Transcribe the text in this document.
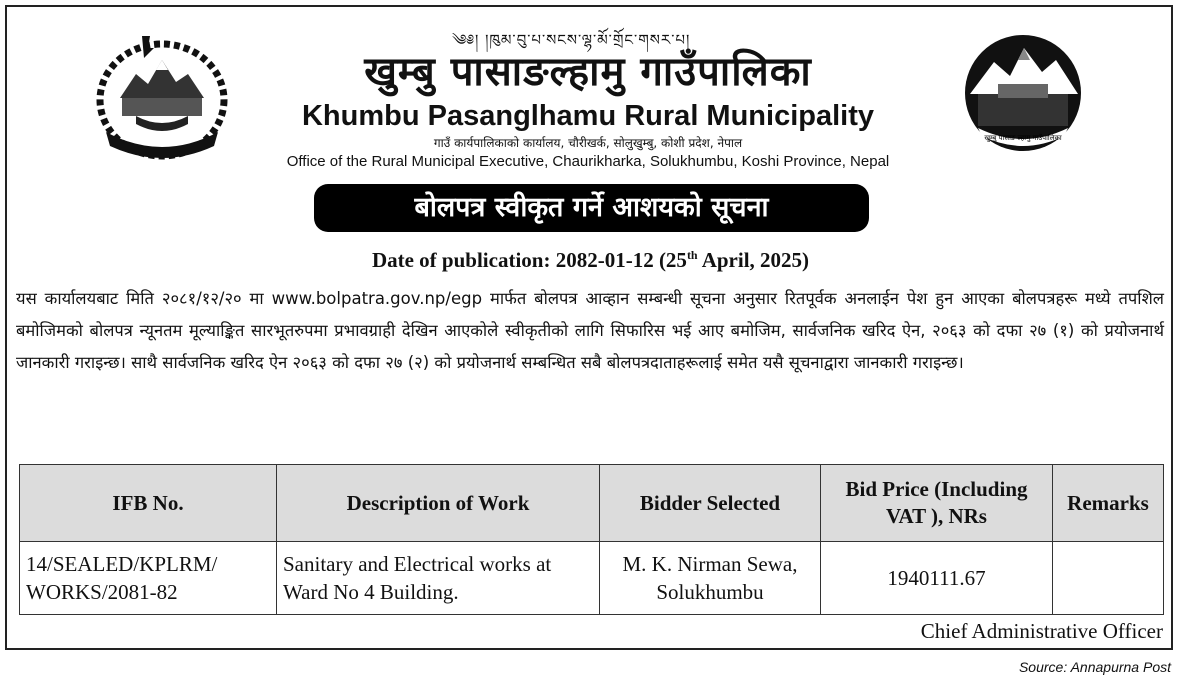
༄༅། །ཁུམ་བུ་པ་སངས་ལྷ་མོ་གྲོང་གསར་པ།
खुम्बु पासाङल्हामु गाउँपालिका
Khumbu Pasanglhamu Rural Municipality
गाउँ कार्यपालिकाको कार्यालय, चौरीखर्क, सोलुखुम्बु, कोशी प्रदेश, नेपाल
Office of the Rural Municipal Executive, Chaurikharka, Solukhumbu, Koshi Province, Nepal
खुम्बु पासाङ ल्हामु गाउँपालिका
बोलपत्र स्वीकृत गर्ने आशयको सूचना
Date of publication: 2082-01-12 (25th April, 2025)
यस कार्यालयबाट मिति २०८१/१२/२० मा www.bolpatra.gov.np/egp मार्फत बोलपत्र आव्हान सम्बन्धी सूचना अनुसार रितपूर्वक अनलाईन पेश हुन आएका बोलपत्रहरू मध्ये तपशिल बमोजिमको बोलपत्र न्यूनतम मूल्याङ्कित सारभूतरुपमा प्रभावग्राही देखिन आएकोले स्वीकृतीको लागि सिफारिस भई आए बमोजिम, सार्वजनिक खरिद ऐन, २०६३ को दफा २७ (१) को प्रयोजनार्थ जानकारी गराइन्छ। साथै सार्वजनिक खरिद ऐन २०६३ को दफा २७ (२) को प्रयोजनार्थ सम्बन्धित सबै बोलपत्रदाताहरूलाई समेत यसै सूचनाद्वारा जानकारी गराइन्छ।
IFB No.	Description of Work	Bidder Selected	Bid Price (Including VAT ), NRs	Remarks
14/SEALED/KPLRM/ WORKS/2081-82	Sanitary and Electrical works at Ward No 4 Building.	M. K. Nirman Sewa, Solukhumbu	1940111.67	
Chief Administrative Officer
Source: Annapurna Post
